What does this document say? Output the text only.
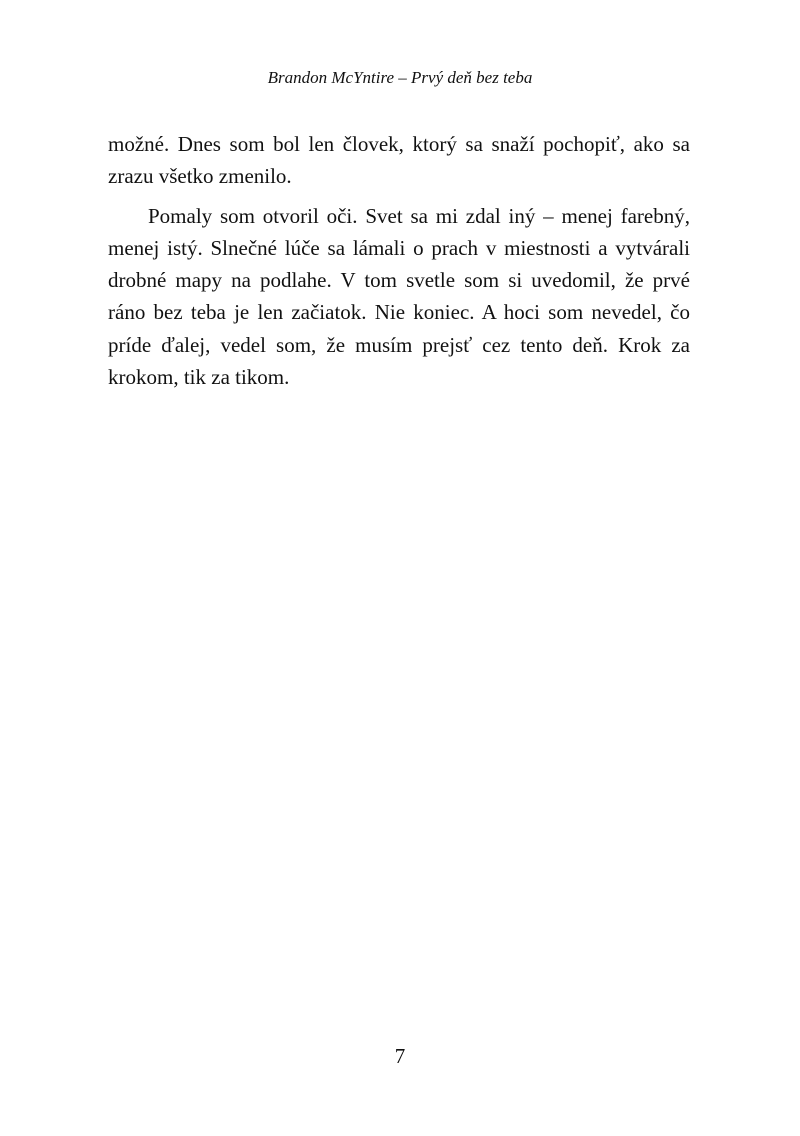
Brandon McYntire – Prvý deň bez teba

možné. Dnes som bol len človek, ktorý sa snaží pochopiť, ako sa zrazu všetko zmenilo.

Pomaly som otvoril oči. Svet sa mi zdal iný – menej farebný, menej istý. Slnečné lúče sa lámali o prach v miestnosti a vytvárali drobné mapy na podlahe. V tom svetle som si uvedomil, že prvé ráno bez teba je len začiatok. Nie koniec. A hoci som nevedel, čo príde ďalej, vedel som, že musím prejsť cez tento deň. Krok za krokom, tik za tikom.

7
